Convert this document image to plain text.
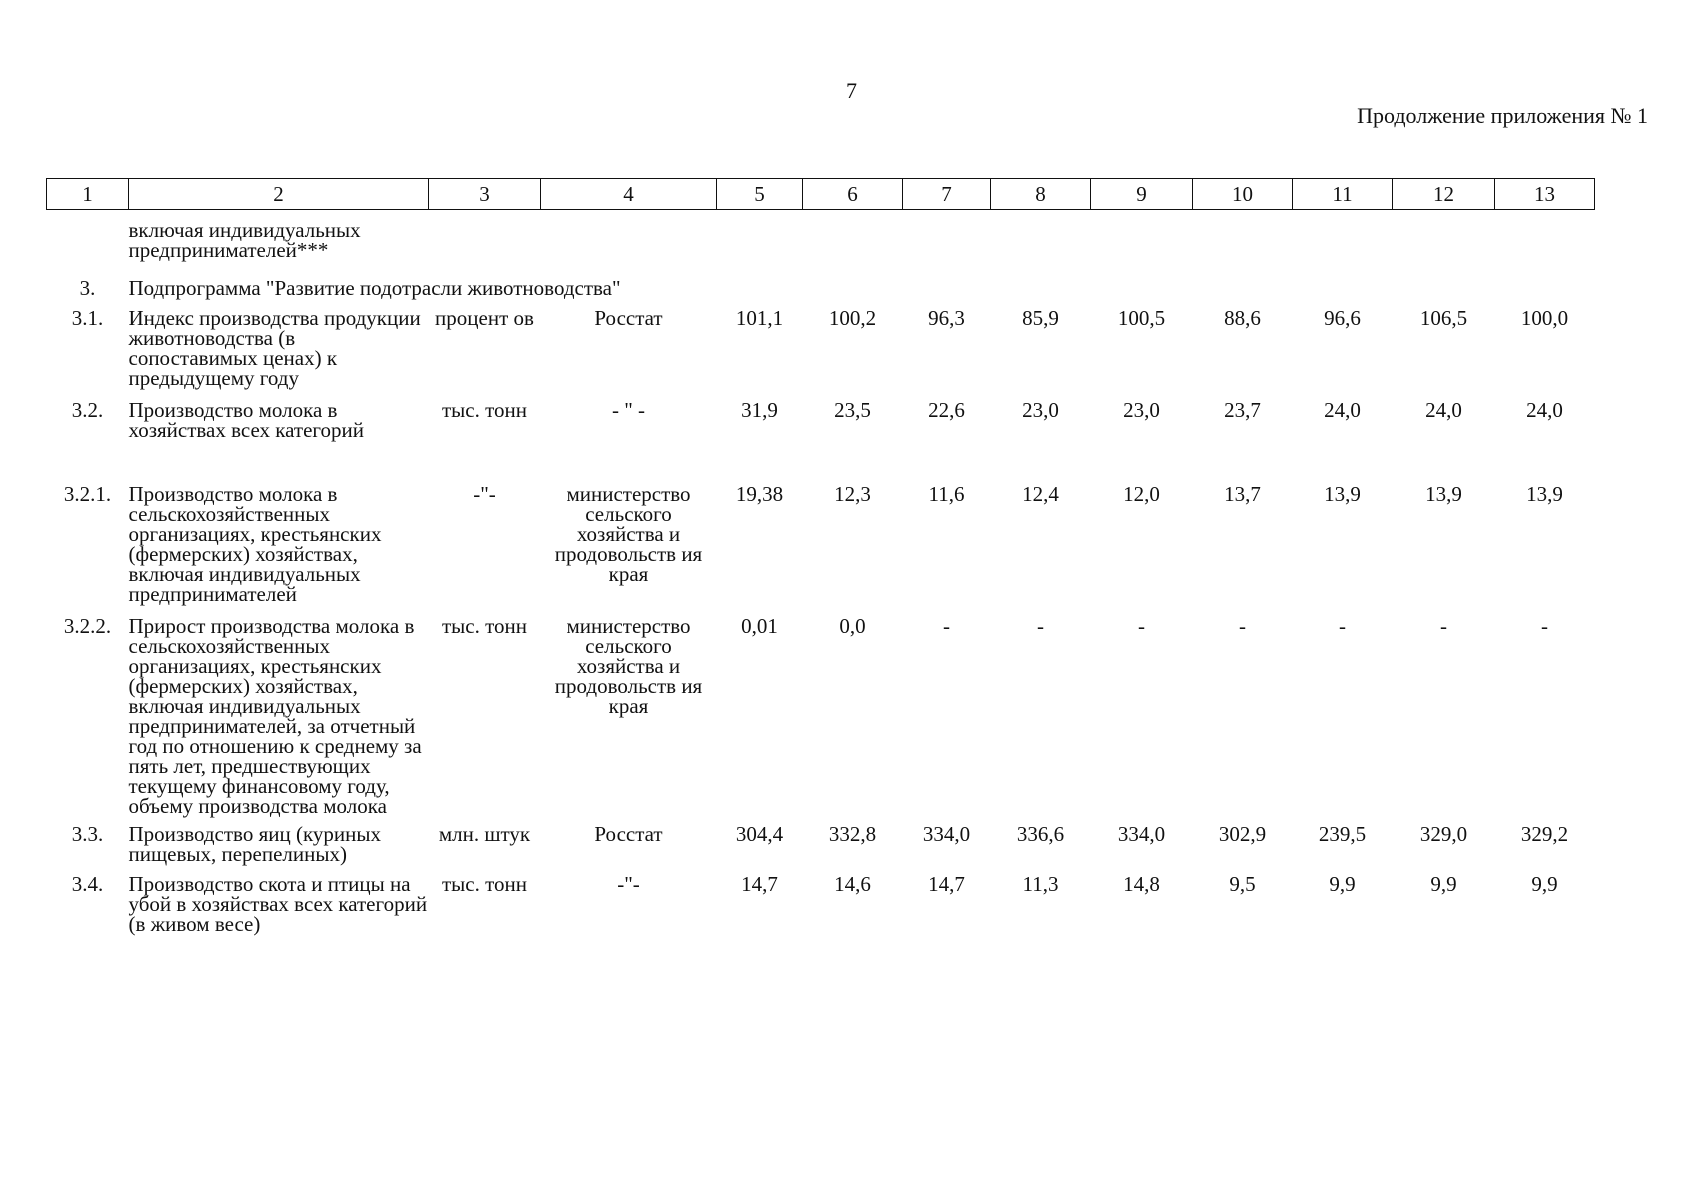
7
Продолжение приложения № 1
1	2	3	4	5	6	7	8	9	10	11	12	13
	включая индивидуальных предпринимателей***											
3.	Подпрограмма "Развитие подотрасли животноводства"											
3.1.	Индекс производства продукции животноводства (в сопоставимых ценах) к предыдущему году	процент ов	Росстат	101,1	100,2	96,3	85,9	100,5	88,6	96,6	106,5	100,0
3.2.	Производство молока в хозяйствах всех категорий	тыс. тонн	- " -	31,9	23,5	22,6	23,0	23,0	23,7	24,0	24,0	24,0
3.2.1.	Производство молока в сельскохозяйственных организациях, крестьянских (фермерских) хозяйствах, включая индивидуальных предпринимателей	-"-	министерство сельского хозяйства и продовольств ия края	19,38	12,3	11,6	12,4	12,0	13,7	13,9	13,9	13,9
3.2.2.	Прирост производства молока в сельскохозяйственных организациях, крестьянских (фермерских) хозяйствах, включая индивидуальных предпринимателей, за отчетный год по отношению к среднему за пять лет, предшествующих текущему финансовому году, объему производства молока	тыс. тонн	министерство сельского хозяйства и продовольств ия края	0,01	0,0	-	-	-	-	-	-	-
3.3.	Производство яиц (куриных пищевых, перепелиных)	млн. штук	Росстат	304,4	332,8	334,0	336,6	334,0	302,9	239,5	329,0	329,2
3.4.	Производство скота и птицы на убой в хозяйствах всех категорий (в живом весе)	тыс. тонн	-"-	14,7	14,6	14,7	11,3	14,8	9,5	9,9	9,9	9,9
